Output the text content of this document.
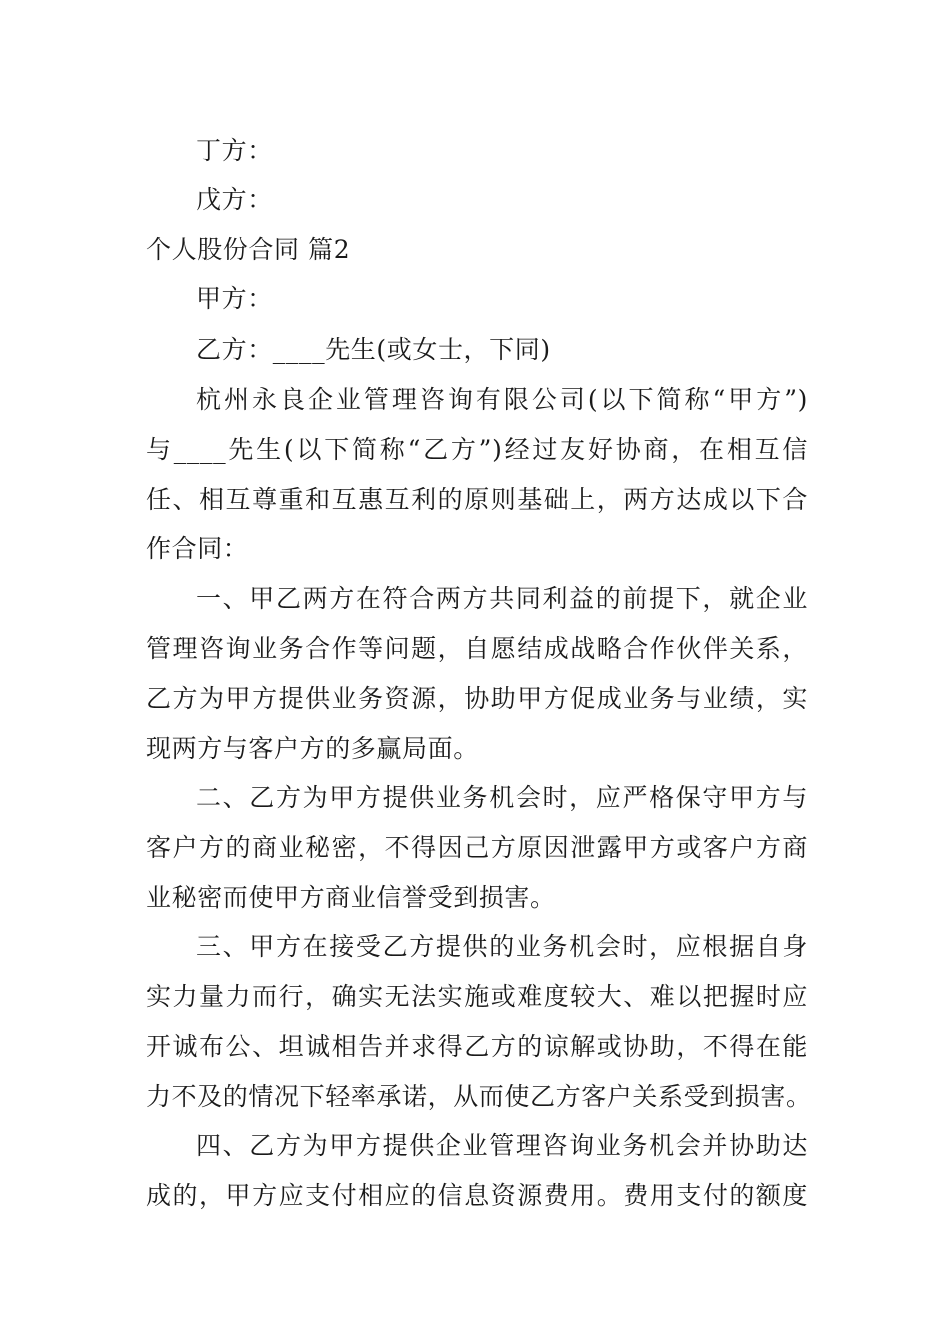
丁方：
戊方：
个人股份合同 篇2
甲方：
乙方：____先生(或女士，下同)
杭州永良企业管理咨询有限公司(以下简称“甲方”)
与____先生(以下简称“乙方”)经过友好协商，在相互信
任、相互尊重和互惠互利的原则基础上，两方达成以下合
作合同：
一、甲乙两方在符合两方共同利益的前提下，就企业
管理咨询业务合作等问题，自愿结成战略合作伙伴关系，
乙方为甲方提供业务资源，协助甲方促成业务与业绩，实
现两方与客户方的多赢局面。
二、乙方为甲方提供业务机会时，应严格保守甲方与
客户方的商业秘密，不得因己方原因泄露甲方或客户方商
业秘密而使甲方商业信誉受到损害。
三、甲方在接受乙方提供的业务机会时，应根据自身
实力量力而行，确实无法实施或难度较大、难以把握时应
开诚布公、坦诚相告并求得乙方的谅解或协助，不得在能
力不及的情况下轻率承诺，从而使乙方客户关系受到损害。
四、乙方为甲方提供企业管理咨询业务机会并协助达
成的，甲方应支付相应的信息资源费用。费用支付的额度
